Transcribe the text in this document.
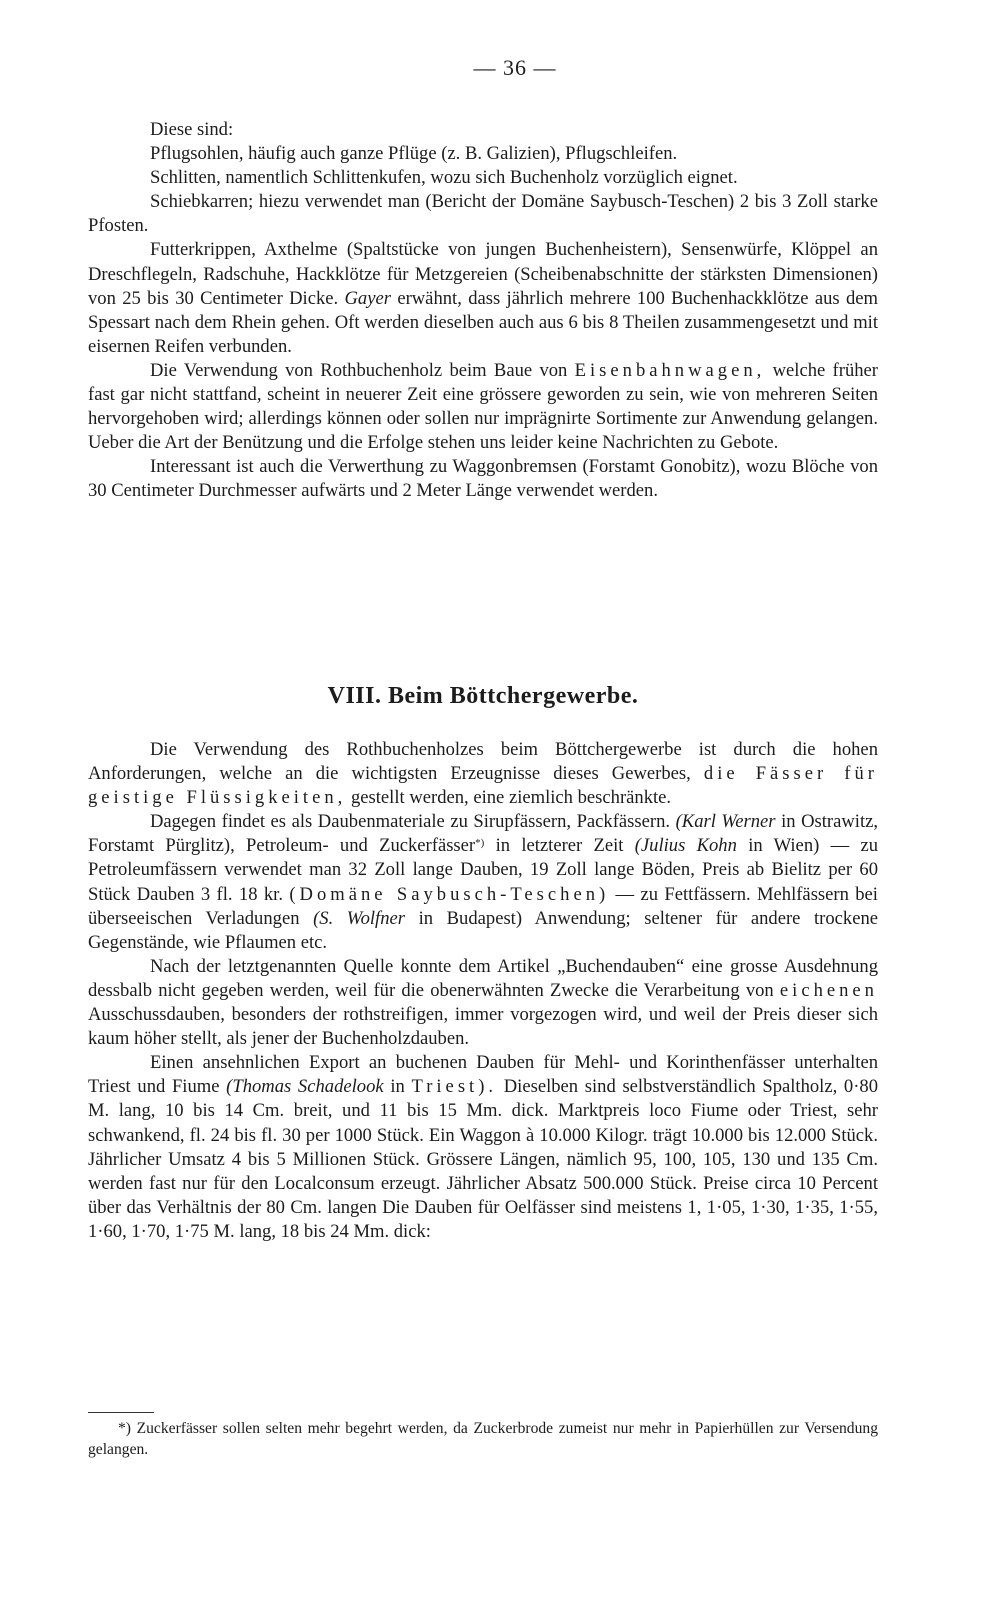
— 36 —

Diese sind:

Pflugsohlen, häufig auch ganze Pflüge (z. B. Galizien), Pflugschleifen.

Schlitten, namentlich Schlittenkufen, wozu sich Buchenholz vorzüglich eignet.

Schiebkarren; hiezu verwendet man (Bericht der Domäne Saybusch-Teschen) 2 bis 3 Zoll starke Pfosten.

Futterkrippen, Axthelme (Spaltstücke von jungen Buchenheistern), Sensenwürfe, Klöppel an Dreschflegeln, Radschuhe, Hackklötze für Metzgereien (Scheibenabschnitte der stärksten Dimensionen) von 25 bis 30 Centimeter Dicke. Gayer erwähnt, dass jährlich mehrere 100 Buchenhackklötze aus dem Spessart nach dem Rhein gehen. Oft werden dieselben auch aus 6 bis 8 Theilen zusammengesetzt und mit eisernen Reifen verbunden.

Die Verwendung von Rothbuchenholz beim Baue von Eisenbahnwagen, welche früher fast gar nicht stattfand, scheint in neuerer Zeit eine grössere geworden zu sein, wie von mehreren Seiten hervorgehoben wird; allerdings können oder sollen nur imprägnirte Sortimente zur Anwendung gelangen. Ueber die Art der Benützung und die Erfolge stehen uns leider keine Nachrichten zu Gebote.

Interessant ist auch die Verwerthung zu Waggonbremsen (Forstamt Gonobitz), wozu Blöche von 30 Centimeter Durchmesser aufwärts und 2 Meter Länge verwendet werden.

VIII. Beim Böttchergewerbe.

Die Verwendung des Rothbuchenholzes beim Böttchergewerbe ist durch die hohen Anforderungen, welche an die wichtigsten Erzeugnisse dieses Gewerbes, die Fässer für geistige Flüssigkeiten, gestellt werden, eine ziemlich beschränkte.

Dagegen findet es als Daubenmateriale zu Sirupfässern, Packfässern. (Karl Werner in Ostrawitz, Forstamt Pürglitz), Petroleum- und Zuckerfässer*) in letzterer Zeit (Julius Kohn in Wien) — zu Petroleumfässern verwendet man 32 Zoll lange Dauben, 19 Zoll lange Böden, Preis ab Bielitz per 60 Stück Dauben 3 fl. 18 kr. (Domäne Saybusch-Teschen) — zu Fettfässern. Mehlfässern bei überseeischen Verladungen (S. Wolfner in Budapest) Anwendung; seltener für andere trockene Gegenstände, wie Pflaumen etc.

Nach der letztgenannten Quelle konnte dem Artikel „Buchendauben“ eine grosse Ausdehnung dessbalb nicht gegeben werden, weil für die obenerwähnten Zwecke die Verarbeitung von eichenen Ausschussdauben, besonders der rothstreifigen, immer vorgezogen wird, und weil der Preis dieser sich kaum höher stellt, als jener der Buchenholzdauben.

Einen ansehnlichen Export an buchenen Dauben für Mehl- und Korinthenfässer unterhalten Triest und Fiume (Thomas Schadelook in Triest). Dieselben sind selbstverständlich Spaltholz, 0·80 M. lang, 10 bis 14 Cm. breit, und 11 bis 15 Mm. dick. Marktpreis loco Fiume oder Triest, sehr schwankend, fl. 24 bis fl. 30 per 1000 Stück. Ein Waggon à 10.000 Kilogr. trägt 10.000 bis 12.000 Stück. Jährlicher Umsatz 4 bis 5 Millionen Stück. Grössere Längen, nämlich 95, 100, 105, 130 und 135 Cm. werden fast nur für den Localconsum erzeugt. Jährlicher Absatz 500.000 Stück. Preise circa 10 Percent über das Verhältnis der 80 Cm. langen Die Dauben für Oelfässer sind meistens 1, 1·05, 1·30, 1·35, 1·55, 1·60, 1·70, 1·75 M. lang, 18 bis 24 Mm. dick:

*) Zuckerfässer sollen selten mehr begehrt werden, da Zuckerbrode zumeist nur mehr in Papierhüllen zur Versendung gelangen.
